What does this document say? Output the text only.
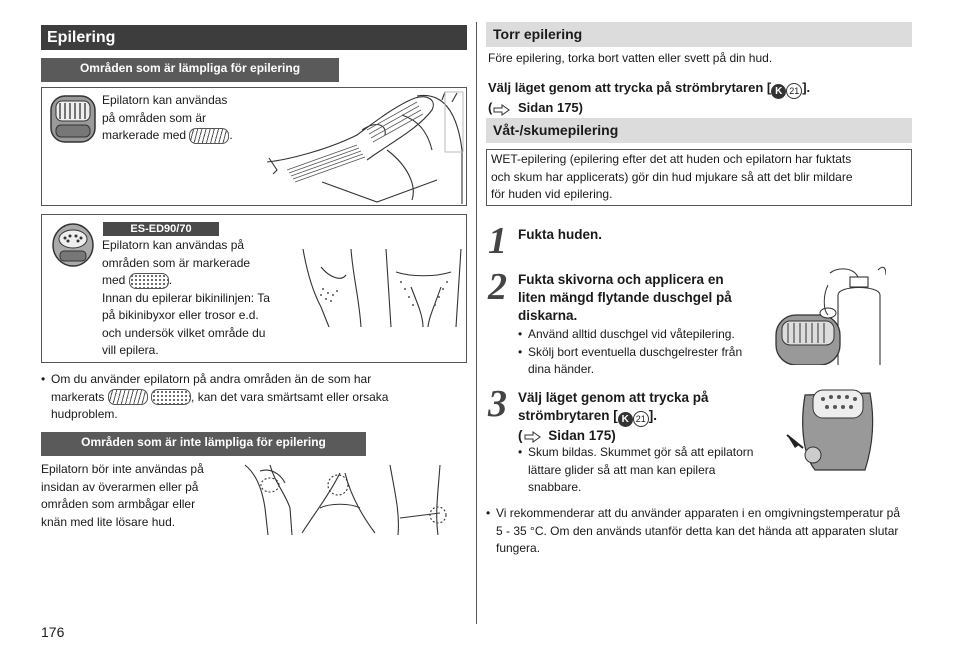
Epilering
Områden som är lämpliga för epilering
Epilatorn kan användas
på områden som är
markerade med	.
ES-ED90/70
Epilatorn kan användas på
områden som är markerade
med	.
Innan du epilerar bikinilinjen: Ta
på bikinibyxor eller trosor e.d.
och undersök vilket område du
vill epilera.
• Om du använder epilatorn på andra områden än de som har
markerats	, kan det vara smärtsamt eller orsaka
hudproblem.
Områden som är inte lämpliga för epilering
Epilatorn bör inte användas på
insidan av överarmen eller på
områden som armbågar eller
knän med lite lösare hud.
176
Torr epilering
Före epilering, torka bort vatten eller svett på din hud.
Välj läget genom att trycka på strömbrytaren [ K 21 ].
( Sidan 175)
Våt-/skumepilering
WET-epilering (epilering efter det att huden och epilatorn har fuktats
och skum har applicerats) gör din hud mjukare så att det blir mildare
för huden vid epilering.
1 Fukta huden.
2 Fukta skivorna och applicera en
liten mängd flytande duschgel på
diskarna.
• Använd alltid duschgel vid våtepilering.
• Skölj bort eventuella duschgelrester från dina händer.
3 Välj läget genom att trycka på
strömbrytaren [ K 21 ].
( Sidan 175)
• Skum bildas. Skummet gör så att epilatorn lättare glider så att man kan epilera snabbare.
• Vi rekommenderar att du använder apparaten i en omgivningstemperatur på 5 - 35 °C. Om den används utanför detta kan det hända att apparaten slutar fungera.
